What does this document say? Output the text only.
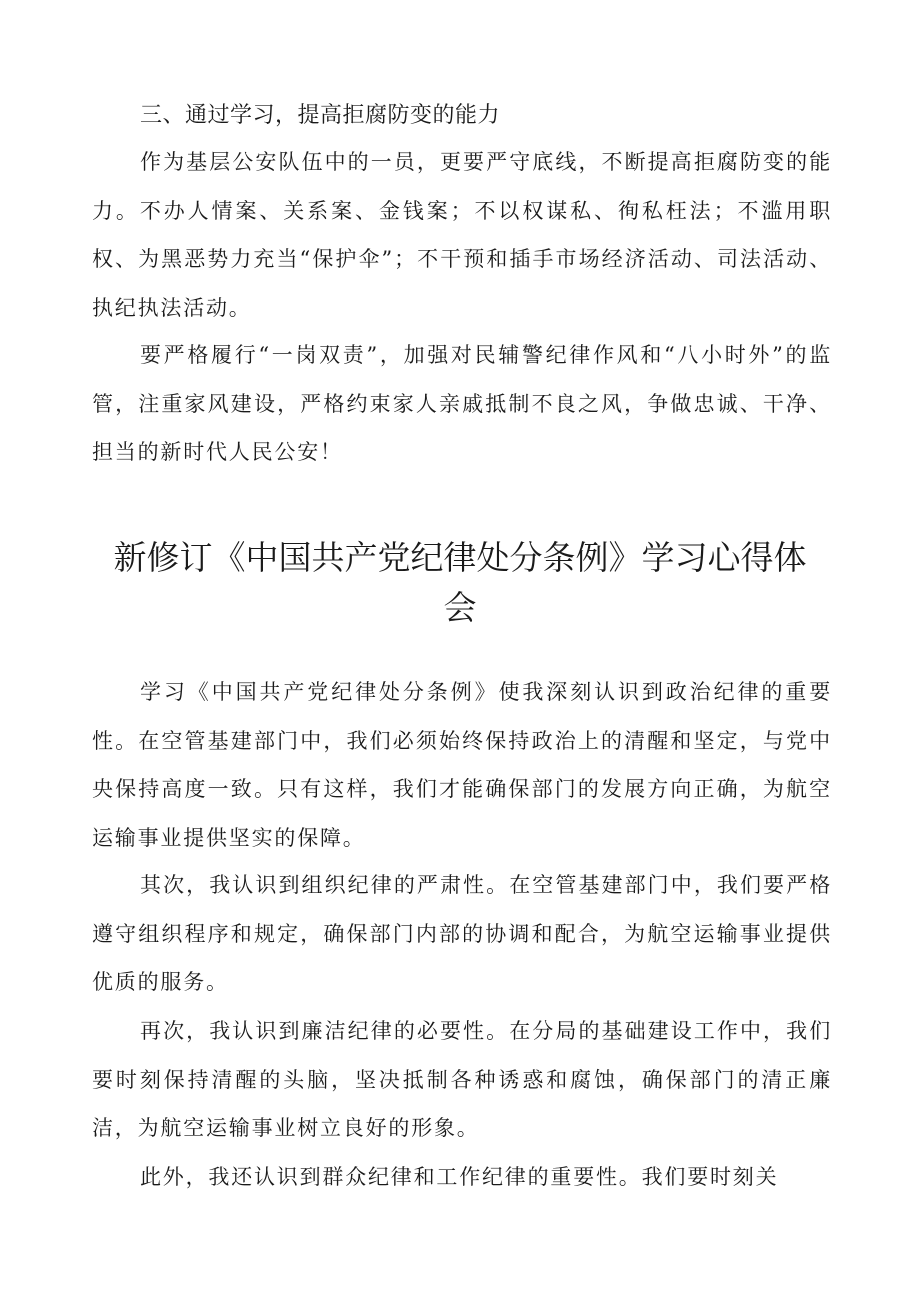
三、通过学习，提高拒腐防变的能力

作为基层公安队伍中的一员，更要严守底线，不断提高拒腐防变的能力。不办人情案、关系案、金钱案；不以权谋私、徇私枉法；不滥用职权、为黑恶势力充当“保护伞”；不干预和插手市场经济活动、司法活动、执纪执法活动。

要严格履行“一岗双责”，加强对民辅警纪律作风和“八小时外”的监管，注重家风建设，严格约束家人亲戚抵制不良之风，争做忠诚、干净、担当的新时代人民公安！

新修订《中国共产党纪律处分条例》学习心得体会

学习《中国共产党纪律处分条例》使我深刻认识到政治纪律的重要性。在空管基建部门中，我们必须始终保持政治上的清醒和坚定，与党中央保持高度一致。只有这样，我们才能确保部门的发展方向正确，为航空运输事业提供坚实的保障。

其次，我认识到组织纪律的严肃性。在空管基建部门中，我们要严格遵守组织程序和规定，确保部门内部的协调和配合，为航空运输事业提供优质的服务。

再次，我认识到廉洁纪律的必要性。在分局的基础建设工作中，我们要时刻保持清醒的头脑，坚决抵制各种诱惑和腐蚀，确保部门的清正廉洁，为航空运输事业树立良好的形象。

此外，我还认识到群众纪律和工作纪律的重要性。我们要时刻关
